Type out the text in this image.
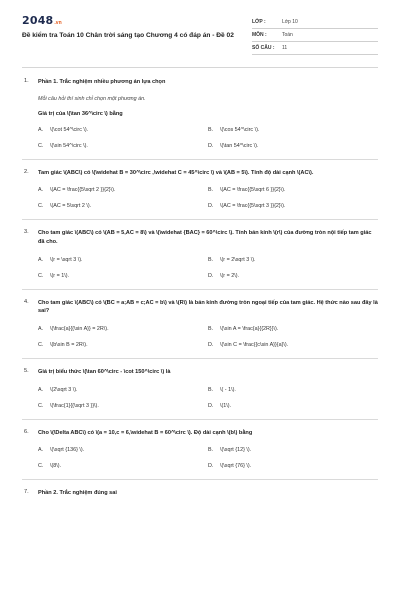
2048 .vn
Đề kiểm tra Toán 10 Chân trời sáng tạo Chương 4 có đáp án - Đề 02
LỚP :	Lớp 10
MÔN :	Toán
SỐ CÂU :	11
1. Phần 1. Trắc nghiệm nhiều phương án lựa chọn
Mỗi câu hỏi thí sinh chỉ chọn một phương án.
Giá trị của \(\tan 36^\circ \) bằng
A.	\(\cot 54^\circ \).	B.	\(\cos 54^\circ \).
C.	\(\sin 54^\circ \).	D.	\(\tan 54^\circ \).
2. Tam giác \(ABC\) có \(\widehat B = 30^\circ ,\widehat C = 45^\circ \) và \(AB = 5\). Tính độ dài cạnh \(AC\).
A.	\(AC = \frac{{5\sqrt 2 }}{2}\).	B.	\(AC = \frac{{5\sqrt 6 }}{2}\).
C.	\(AC = 5\sqrt 2 \).	D.	\(AC = \frac{{5\sqrt 3 }}{2}\).
3. Cho tam giác \(ABC\) có \(AB = 5,AC = 8\) và \(\widehat {BAC} = 60^\circ \). Tính bán kính \(r\) của đường tròn nội tiếp tam giác đã cho.
A.	\(r = \sqrt 3 \).	B.	\(r = 2\sqrt 3 \).
C.	\(r = 1\).	D.	\(r = 2\).
4. Cho tam giác \(ABC\) có \(BC = a;AB = c;AC = b\) và \(R\) là bán kính đường tròn ngoại tiếp của tam giác. Hệ thức nào sau đây là sai?
A.	\(\frac{a}{{\sin A}} = 2R\).	B.	\(\sin A = \frac{a}{{2R}}\).
C.	\(b\sin B = 2R\).	D.	\(\sin C = \frac{{c\sin A}}{a}\).
5. Giá trị biểu thức \(\tan 60^\circ - \cot 150^\circ \) là
A.	\(2\sqrt 3 \).	B.	\( - 1\).
C.	\(\frac{1}{{\sqrt 3 }}\).	D.	\(1\).
6. Cho \(\Delta ABC\) có \(a = 10,c = 6,\widehat B = 60^\circ \). Độ dài cạnh \(b\) bằng
A.	\(\sqrt {136} \).	B.	\(\sqrt {12} \).
C.	\(8\).	D.	\(\sqrt {76} \).
7. Phần 2. Trắc nghiệm đúng sai
